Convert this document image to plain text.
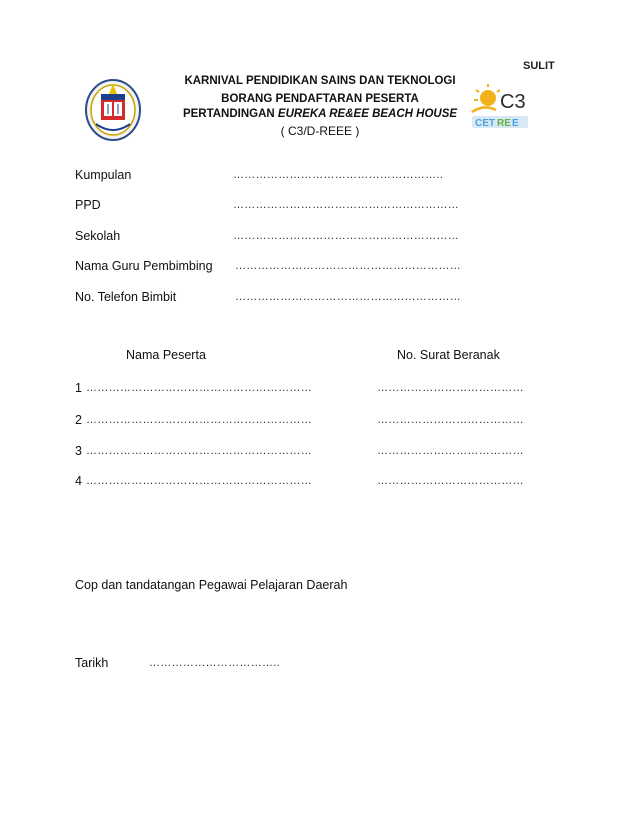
SULIT
KARNIVAL PENDIDIKAN SAINS DAN TEKNOLOGI
BORANG PENDAFTARAN PESERTA
PERTANDINGAN EUREKA RE&EE BEACH HOUSE
( C3/D-REEE )
C3
CET RE E
Kumpulan	………………………………………………..
PPD	……………………………………………………
Sekolah	……………………………………………………
Nama Guru Pembimbing ……………………………………………………
No. Telefon Bimbit	……………………………………………………
Nama Peserta	No. Surat Beranak
1 ……………………………………………………	…………………………………
2 ……………………………………………………	…………………………………
3 ……………………………………………………	…………………………………
4 ……………………………………………………	…………………………………
Cop dan tandatangan Pegawai Pelajaran Daerah
Tarikh	……………………………..
